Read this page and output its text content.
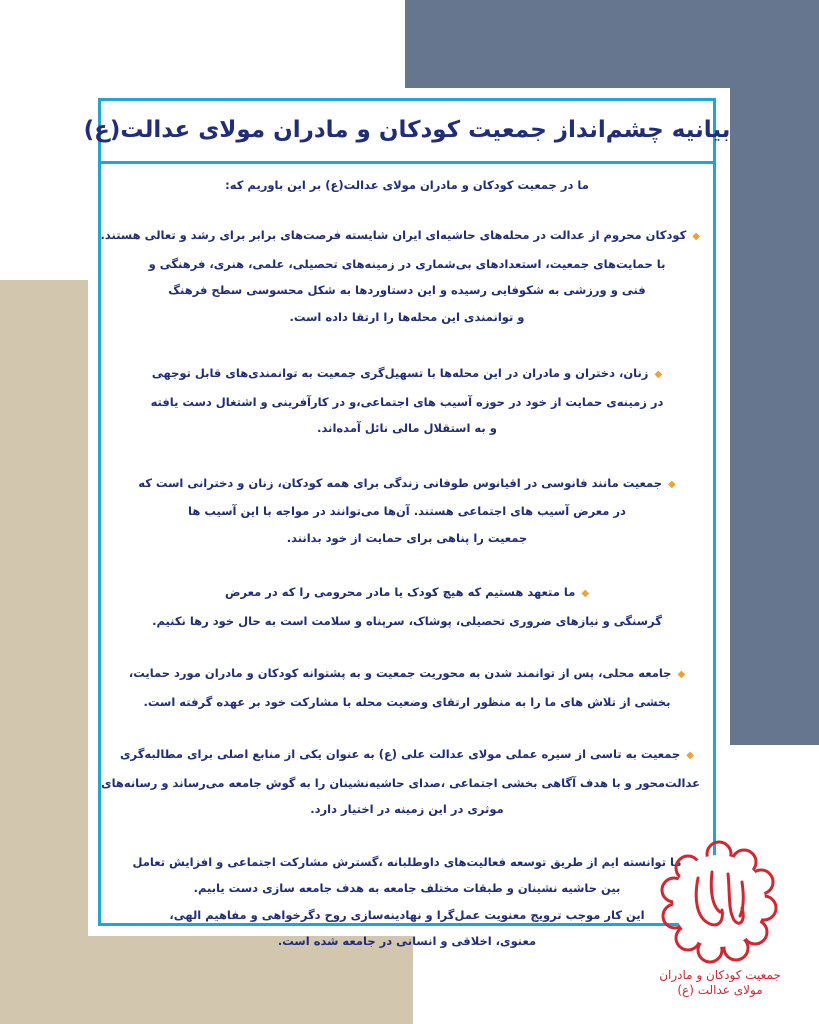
بیانیه چشم‌انداز جمعیت کودکان و مادران مولای عدالت(ع)
ما در جمعیت کودکان و مادران مولای عدالت(ع) بر این باوریم که:
◆کودکان محروم از عدالت در محله‌های حاشیه‌ای ایران شایسته فرصت‌های برابر برای رشد و تعالی هستند.
با حمایت‌های جمعیت، استعدادهای بی‌شماری در زمینه‌های تحصیلی، علمی، هنری، فرهنگی و
فنی و ورزشی به شکوفایی رسیده و این دستاوردها به شکل محسوسی سطح فرهنگ
و توانمندی این محله‌ها را ارتقا داده است.
◆زنان، دختران و مادران در این محله‌ها با تسهیل‌گری جمعیت به توانمندی‌های قابل توجهی
در زمینه‌ی حمایت از خود در حوزه آسیب های اجتماعی،و در کارآفرینی و اشتغال دست یافته
و به استقلال مالی نائل آمده‌اند.
◆جمعیت مانند فانوسی در اقیانوس طوفانی زندگی برای همه کودکان، زنان و دخترانی است که
در معرض آسیب های اجتماعی هستند. آن‌ها می‌توانند در مواجه با این آسیب ها
جمعیت را پناهی برای حمایت از خود بدانند.
◆ما متعهد هستیم که هیچ کودک یا مادر محرومی را که در معرض
گرسنگی و نیازهای ضروری تحصیلی، پوشاک، سرپناه و سلامت است به حال خود رها نکنیم.
◆جامعه محلی، پس از توانمند شدن به محوریت جمعیت و به پشتوانه کودکان و مادران مورد حمایت،
بخشی از تلاش های ما را به منظور ارتقای وضعیت محله با مشارکت خود بر عهده گرفته است.
◆جمعیت به تاسی از سیره عملی مولای عدالت علی (ع) به عنوان یکی از منابع اصلی برای مطالبه‌گری
عدالت‌محور و با هدف آگاهی بخشی اجتماعی ،صدای حاشیه‌نشینان را به گوش جامعه می‌رساند و رسانه‌های
موثری در این زمینه در اختیار دارد.
ما توانسته ایم از طریق توسعه فعالیت‌های داوطلبانه ،گسترش مشارکت اجتماعی و افزایش تعامل
بین حاشیه نشینان و طبقات مختلف جامعه به هدف جامعه سازی دست یابیم.
این کار موجب ترویج معنویت عمل‌گرا و نهادینه‌سازی روح دگرخواهی و مفاهیم الهی،
معنوی، اخلاقی و انسانی در جامعه شده است.
جمعیت کودکان و مادران
مولای عدالت (ع)
